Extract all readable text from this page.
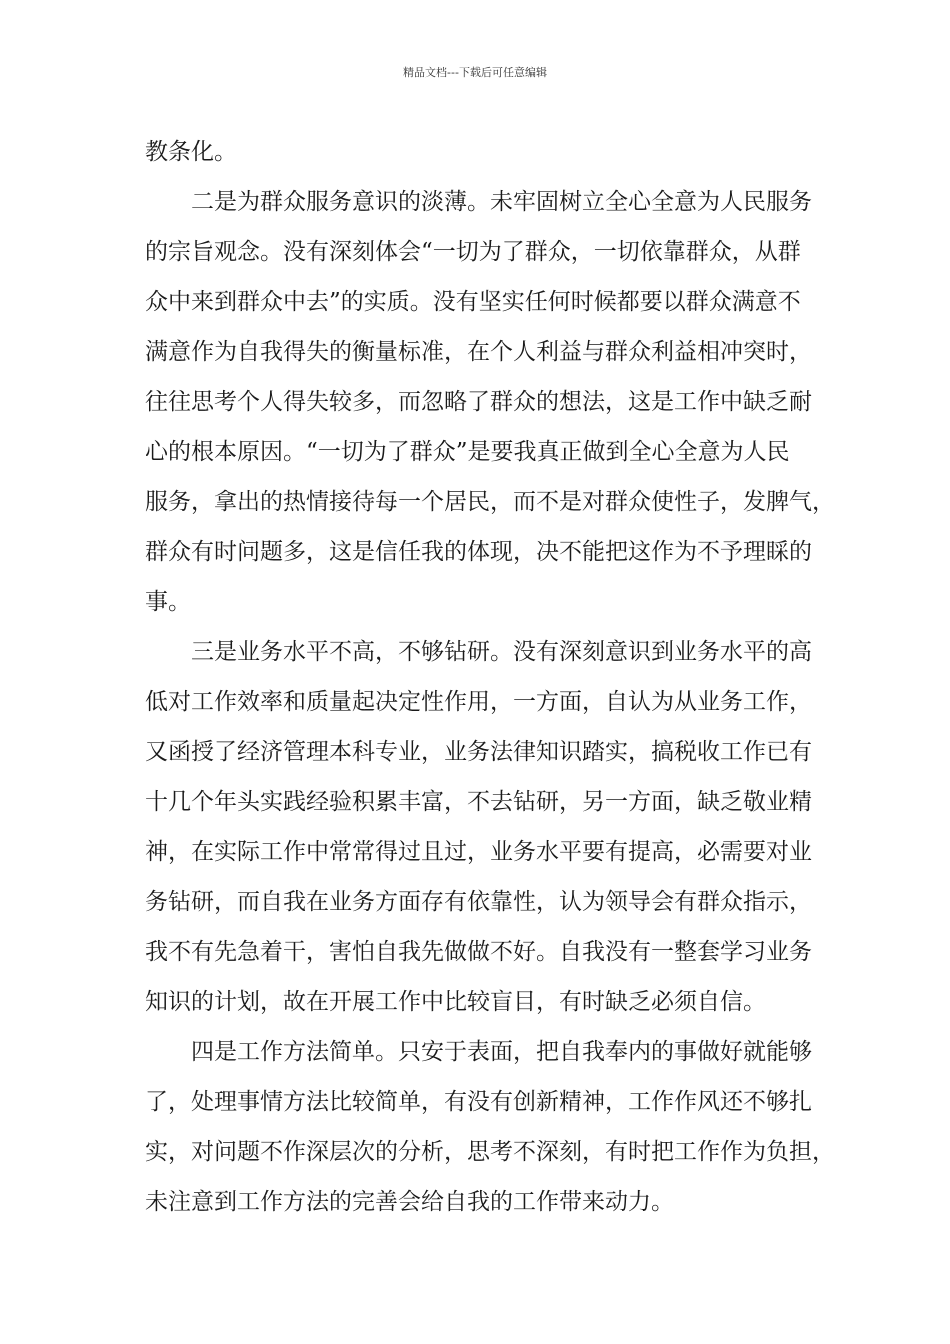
精品文档---下载后可任意编辑
教条化。
　　二是为群众服务意识的淡薄。未牢固树立全心全意为人民服务
的宗旨观念。没有深刻体会“一切为了群众，一切依靠群众，从群
众中来到群众中去”的实质。没有坚实任何时候都要以群众满意不
满意作为自我得失的衡量标准，在个人利益与群众利益相冲突时，
往往思考个人得失较多，而忽略了群众的想法，这是工作中缺乏耐
心的根本原因。“一切为了群众”是要我真正做到全心全意为人民
服务，拿出的热情接待每一个居民，而不是对群众使性子，发脾气，
群众有时问题多，这是信任我的体现，决不能把这作为不予理睬的
事。
　　三是业务水平不高，不够钻研。没有深刻意识到业务水平的高
低对工作效率和质量起决定性作用，一方面，自认为从业务工作，
又函授了经济管理本科专业，业务法律知识踏实，搞税收工作已有
十几个年头实践经验积累丰富，不去钻研，另一方面，缺乏敬业精
神，在实际工作中常常得过且过，业务水平要有提高，必需要对业
务钻研，而自我在业务方面存有依靠性，认为领导会有群众指示，
我不有先急着干，害怕自我先做做不好。自我没有一整套学习业务
知识的计划，故在开展工作中比较盲目，有时缺乏必须自信。
　　四是工作方法简单。只安于表面，把自我奉内的事做好就能够
了，处理事情方法比较简单，有没有创新精神，工作作风还不够扎
实，对问题不作深层次的分析，思考不深刻，有时把工作作为负担，
未注意到工作方法的完善会给自我的工作带来动力。
